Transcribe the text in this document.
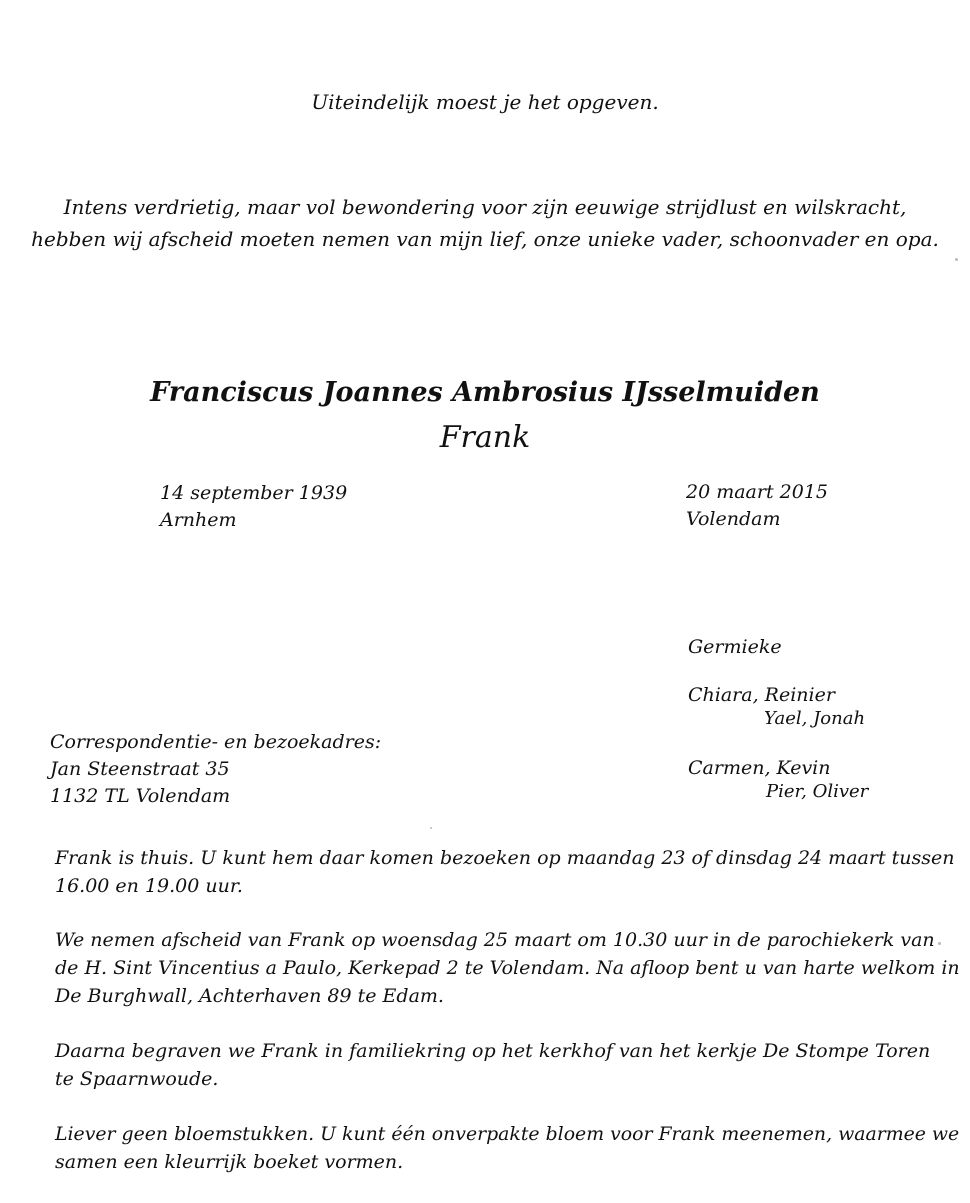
Uiteindelijk moest je het opgeven.
Intens verdrietig, maar vol bewondering voor zijn eeuwige strijdlust en wilskracht,
hebben wij afscheid moeten nemen van mijn lief, onze unieke vader, schoonvader en opa.
Franciscus Joannes Ambrosius IJsselmuiden
Frank
14 september 1939
Arnhem
20 maart 2015
Volendam
Germieke
Chiara, Reinier
Yael, Jonah
Carmen, Kevin
Pier, Oliver
Correspondentie- en bezoekadres:
Jan Steenstraat 35
1132 TL Volendam
Frank is thuis. U kunt hem daar komen bezoeken op maandag 23 of dinsdag 24 maart tussen
16.00 en 19.00 uur.
We nemen afscheid van Frank op woensdag 25 maart om 10.30 uur in de parochiekerk van
de H. Sint Vincentius a Paulo, Kerkepad 2 te Volendam. Na afloop bent u van harte welkom in
De Burghwall, Achterhaven 89 te Edam.
Daarna begraven we Frank in familiekring op het kerkhof van het kerkje De Stompe Toren
te Spaarnwoude.
Liever geen bloemstukken. U kunt één onverpakte bloem voor Frank meenemen, waarmee we
samen een kleurrijk boeket vormen.
